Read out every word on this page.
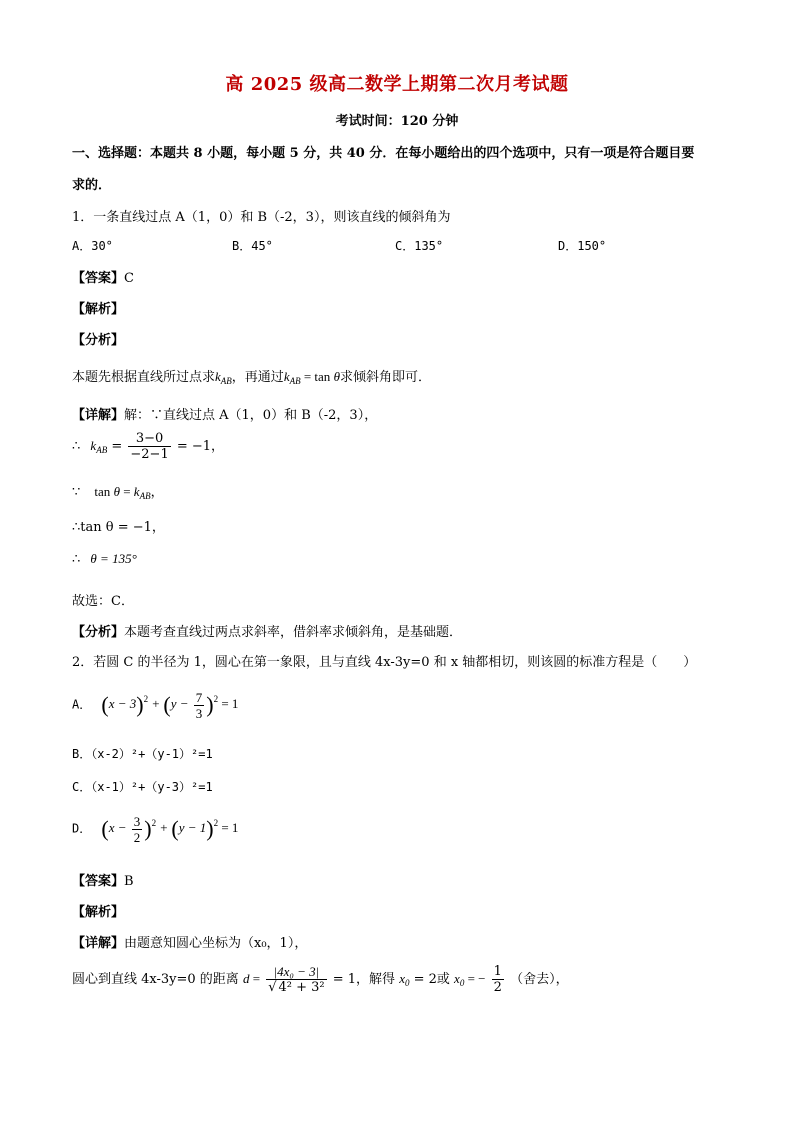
高 2025 级高二数学上期第二次月考试题
考试时间：120 分钟
一、选择题：本题共 8 小题，每小题 5 分，共 40 分．在每小题给出的四个选项中，只有一项是符合题目要
求的．
1．一条直线过点 A（1，0）和 B（-2，3），则该直线的倾斜角为
A．30°	B．45°	C．135°	D．150°
【答案】C
【解析】
【分析】
本题先根据直线所过点求$k_{AB}$，再通过$k_{AB} = \tan \theta$求倾斜角即可．
【详解】解：∵直线过点 A（1，0）和 B（-2，3），
∴ $k_{AB} = \frac{3-0}{-2-1} = -1$，
∵ $\tan \theta = k_{AB}$，
∴tan θ = −1，
∴ θ = 135°
故选：C．
【分析】本题考查直线过两点求斜率，借斜率求倾斜角，是基础题．
2．若圆 C 的半径为 1，圆心在第一象限，且与直线 4x-3y=0 和 x 轴都相切，则该圆的标准方程是（　　）
A． $(x - 3)^2 + (y - \frac{7}{3} )^2 = 1$
B．（x-2）²+（y-1）²=1
C．（x-1）²+（y-3）²=1
D． $(x - \frac{3}{2} )^2 + (y - 1)^2 = 1$
【答案】B
【解析】
【详解】由题意知圆心坐标为（x₀，1），
圆心到直线 4x-3y=0 的距离 $d = \frac{\text{|4x₀ − 3|}}{\text{√ 4² + 3²}} = 1$，解得 $x_0 = 2$或 $x_0$ = − $\frac{1}{2}$ （舍去），
